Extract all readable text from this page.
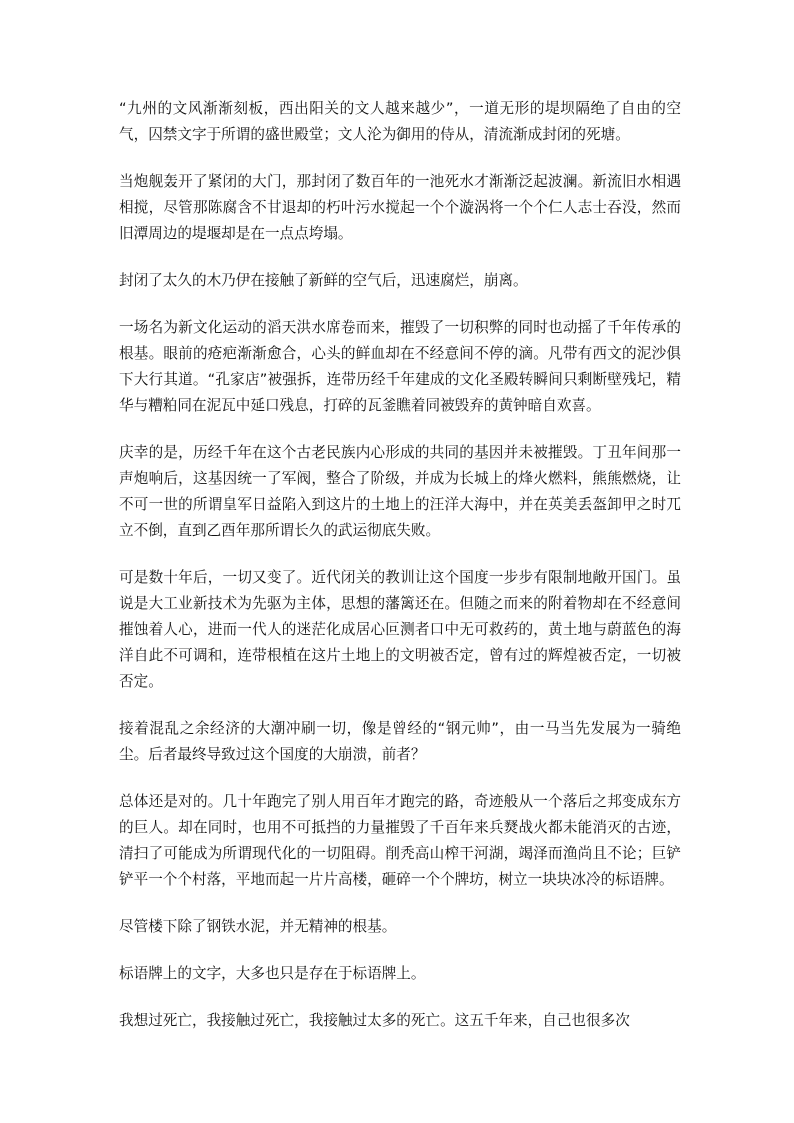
“九州的文风渐渐刻板，西出阳关的文人越来越少”，一道无形的堤坝隔绝了自由的空气，囚禁文字于所谓的盛世殿堂；文人沦为御用的侍从，清流渐成封闭的死塘。

当炮舰轰开了紧闭的大门，那封闭了数百年的一池死水才渐渐泛起波澜。新流旧水相遇相搅，尽管那陈腐含不甘退却的朽叶污水搅起一个个漩涡将一个个仁人志士吞没，然而旧潭周边的堤堰却是在一点点垮塌。

封闭了太久的木乃伊在接触了新鲜的空气后，迅速腐烂，崩离。

一场名为新文化运动的滔天洪水席卷而来，摧毁了一切积弊的同时也动摇了千年传承的根基。眼前的疮疤渐渐愈合，心头的鲜血却在不经意间不停的滴。凡带有西文的泥沙俱下大行其道。“孔家店”被强拆，连带历经千年建成的文化圣殿转瞬间只剩断壁残圮，精华与糟粕同在泥瓦中延口残息，打碎的瓦釜瞧着同被毁弃的黄钟暗自欢喜。

庆幸的是，历经千年在这个古老民族内心形成的共同的基因并未被摧毁。丁丑年间那一声炮响后，这基因统一了军阀，整合了阶级，并成为长城上的烽火燃料，熊熊燃烧，让不可一世的所谓皇军日益陷入到这片的土地上的汪洋大海中，并在英美丢盔卸甲之时兀立不倒，直到乙酉年那所谓长久的武运彻底失败。

可是数十年后，一切又变了。近代闭关的教训让这个国度一步步有限制地敞开国门。虽说是大工业新技术为先驱为主体，思想的藩篱还在。但随之而来的附着物却在不经意间摧蚀着人心，进而一代人的迷茫化成居心叵测者口中无可救药的，黄土地与蔚蓝色的海洋自此不可调和，连带根植在这片土地上的文明被否定，曾有过的辉煌被否定，一切被否定。

接着混乱之余经济的大潮冲刷一切，像是曾经的“钢元帅”，由一马当先发展为一骑绝尘。后者最终导致过这个国度的大崩溃，前者？

总体还是对的。几十年跑完了别人用百年才跑完的路，奇迹般从一个落后之邦变成东方的巨人。却在同时，也用不可抵挡的力量摧毁了千百年来兵燹战火都未能消灭的古迹，清扫了可能成为所谓现代化的一切阻碍。削秃高山榨干河湖，竭泽而渔尚且不论；巨铲铲平一个个村落，平地而起一片片高楼，砸碎一个个牌坊，树立一块块冰冷的标语牌。

尽管楼下除了钢铁水泥，并无精神的根基。

标语牌上的文字，大多也只是存在于标语牌上。

我想过死亡，我接触过死亡，我接触过太多的死亡。这五千年来，自己也很多次
